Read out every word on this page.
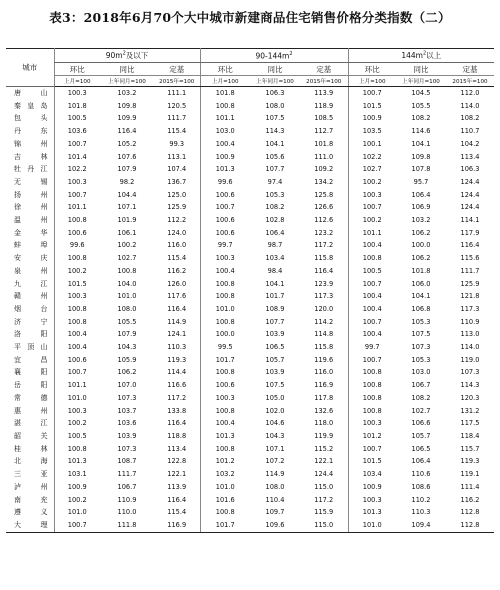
表3：2018年6月70个大中城市新建商品住宅销售价格分类指数（二）
城市	$90m^2$及以下			$90-144m^2$			$144m^2$以上		
	环比	同比	定基	环比	同比	定基	环比	同比	定基
	上月=100	上年同月=100	2015年=100	上月=100	上年同月=100	2015年=100	上月=100	上年同月=100	2015年=100
唐山	100.3	103.2	111.1	101.8	106.3	113.9	100.7	104.5	112.0
秦皇岛	101.8	109.8	120.5	100.8	108.0	118.9	101.5	105.5	114.0
包头	100.5	109.9	111.7	101.1	107.5	108.5	100.9	108.2	108.2
丹东	103.6	116.4	115.4	103.0	114.3	112.7	103.5	114.6	110.7
锦州	100.7	105.2	99.3	100.4	104.1	101.8	100.1	104.1	104.2
吉林	101.4	107.6	113.1	100.9	105.6	111.0	102.2	109.8	113.4
牡丹江	102.2	107.9	107.4	101.3	107.7	109.2	102.7	107.8	106.3
无锡	100.3	98.2	136.7	99.6	97.4	134.2	100.2	95.7	124.4
扬州	100.7	104.4	125.0	100.6	105.3	125.8	100.3	106.4	124.4
徐州	101.1	107.1	125.9	100.7	108.2	126.6	100.7	106.9	124.4
温州	100.8	101.9	112.2	100.6	102.8	112.6	100.2	103.2	114.1
金华	100.6	106.1	124.0	100.6	106.4	123.2	101.1	106.2	117.9
蚌埠	99.6	100.2	116.0	99.7	98.7	117.2	100.4	100.0	116.4
安庆	100.8	102.7	115.4	100.3	103.4	115.8	100.8	106.2	115.6
泉州	100.2	100.8	116.2	100.4	98.4	116.4	100.5	101.8	111.7
九江	101.5	104.0	126.0	100.8	104.1	123.9	100.7	106.0	125.9
赣州	100.3	101.0	117.6	100.8	101.7	117.3	100.4	104.1	121.8
烟台	100.8	108.0	116.4	101.0	108.9	120.0	100.4	106.8	117.3
济宁	100.8	105.5	114.9	100.8	107.7	114.2	100.7	105.3	110.9
洛阳	100.4	107.9	124.1	100.0	103.9	114.8	100.4	107.5	113.0
平顶山	100.4	104.3	110.3	99.5	106.5	115.8	99.7	107.3	114.0
宜昌	100.6	105.9	119.3	101.7	105.7	119.6	100.7	105.3	119.0
襄阳	100.7	106.2	114.4	100.8	103.9	116.0	100.8	103.0	107.3
岳阳	101.1	107.0	116.6	100.6	107.5	116.9	100.8	106.7	114.3
常德	101.0	107.3	117.2	100.3	105.0	117.8	100.8	108.2	120.3
惠州	100.3	103.7	133.8	100.8	102.0	132.6	100.8	102.7	131.2
湛江	100.2	103.6	116.4	100.4	104.6	118.0	100.3	106.6	117.5
韶关	100.5	103.9	118.8	101.3	104.3	119.9	101.2	105.7	118.4
桂林	100.8	107.3	113.4	100.8	107.1	115.2	100.7	106.5	115.7
北海	101.3	108.7	122.8	101.2	107.2	122.1	101.5	106.4	119.3
三亚	103.1	111.7	122.1	103.2	114.9	124.4	103.4	110.6	119.1
泸州	100.9	106.7	113.9	101.0	108.0	115.0	100.9	108.6	111.4
南充	100.2	110.9	116.4	101.6	110.4	117.2	100.3	110.2	116.2
遵义	101.0	110.0	115.4	100.8	109.7	115.9	101.3	110.3	112.8
大理	100.7	111.8	116.9	101.7	109.6	115.0	101.0	109.4	112.8
